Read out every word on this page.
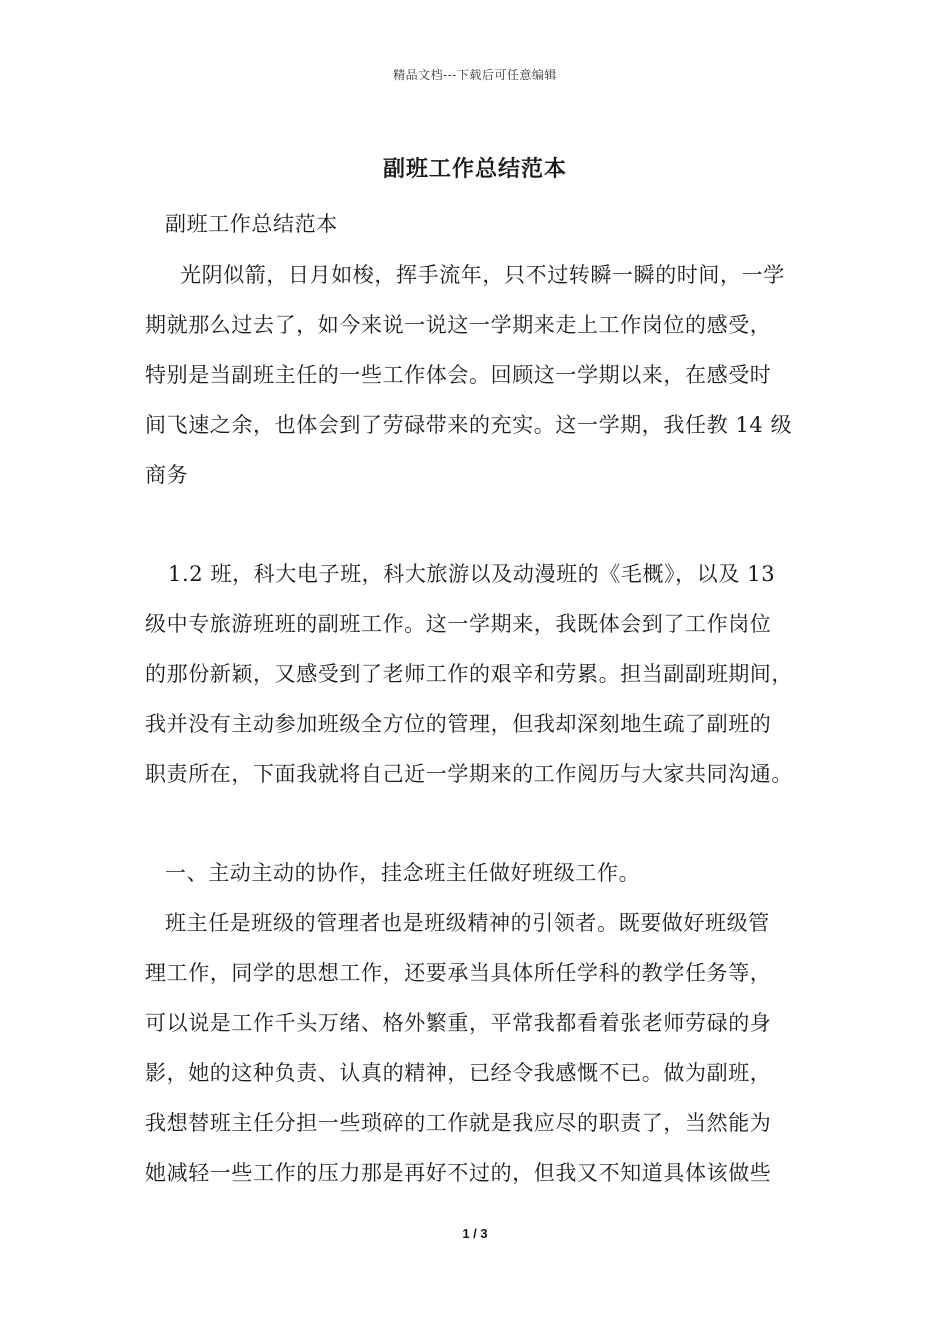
精品文档---下载后可任意编辑
副班工作总结范本
副班工作总结范本
光阴似箭，日月如梭，挥手流年，只不过转瞬一瞬的时间，一学
期就那么过去了，如今来说一说这一学期来走上工作岗位的感受，
特别是当副班主任的一些工作体会。回顾这一学期以来，在感受时
间飞速之余，也体会到了劳碌带来的充实。这一学期，我任教 14 级
商务
1.2 班，科大电子班，科大旅游以及动漫班的《毛概》，以及 13
级中专旅游班班的副班工作。这一学期来，我既体会到了工作岗位
的那份新颖，又感受到了老师工作的艰辛和劳累。担当副副班期间，
我并没有主动参加班级全方位的管理，但我却深刻地生疏了副班的
职责所在，下面我就将自己近一学期来的工作阅历与大家共同沟通。
一、主动主动的协作，挂念班主任做好班级工作。
班主任是班级的管理者也是班级精神的引领者。既要做好班级管
理工作，同学的思想工作，还要承当具体所任学科的教学任务等，
可以说是工作千头万绪、格外繁重，平常我都看着张老师劳碌的身
影，她的这种负责、认真的精神，已经令我感慨不已。做为副班，
我想替班主任分担一些琐碎的工作就是我应尽的职责了，当然能为
她减轻一些工作的压力那是再好不过的，但我又不知道具体该做些
1 / 3
